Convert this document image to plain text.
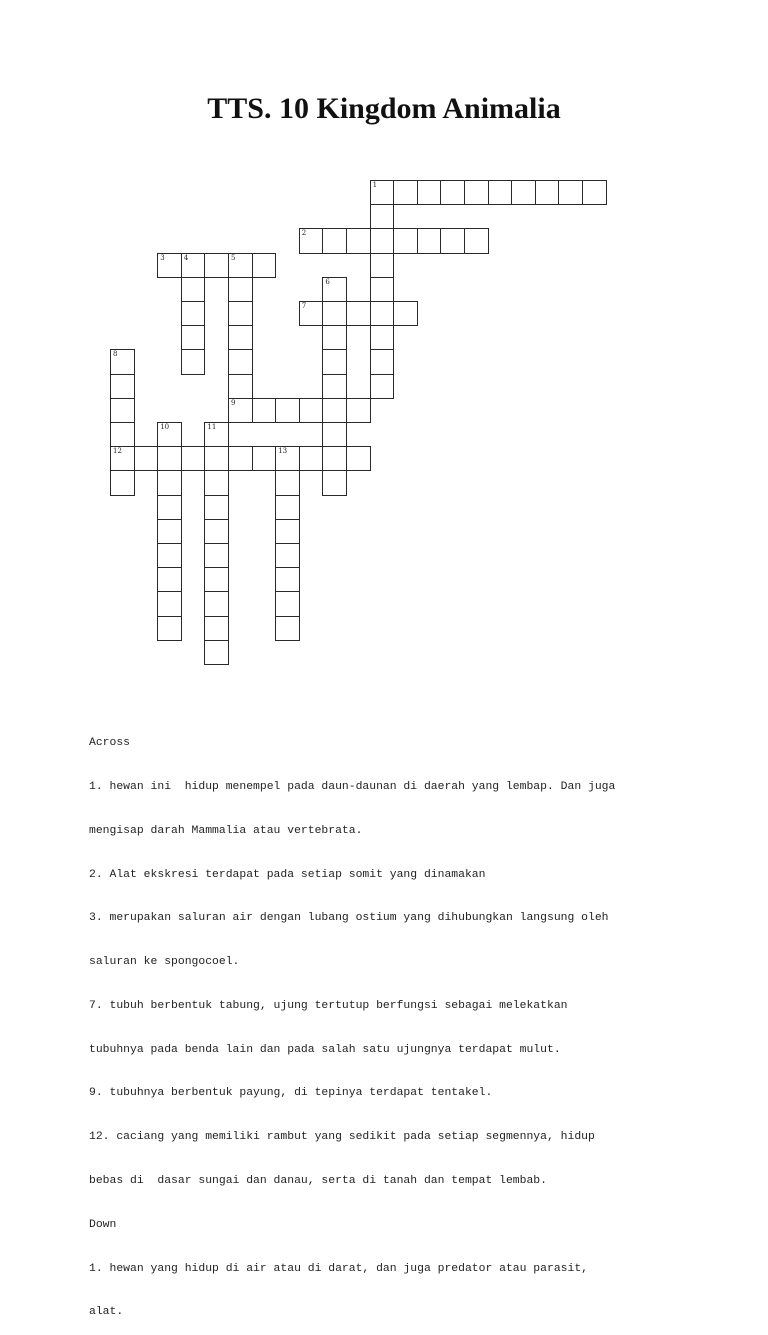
TTS. 10 Kingdom Animalia
1
2
3	4	5
9
6
7
8
12
10	11
13

Across

1. hewan ini  hidup menempel pada daun-daunan di daerah yang lembap. Dan juga

mengisap darah Mammalia atau vertebrata.

2. Alat ekskresi terdapat pada setiap somit yang dinamakan

3. merupakan saluran air dengan lubang ostium yang dihubungkan langsung oleh

saluran ke spongocoel.

7. tubuh berbentuk tabung, ujung tertutup berfungsi sebagai melekatkan

tubuhnya pada benda lain dan pada salah satu ujungnya terdapat mulut.

9. tubuhnya berbentuk payung, di tepinya terdapat tentakel.

12. caciang yang memiliki rambut yang sedikit pada setiap segmennya, hidup

bebas di  dasar sungai dan danau, serta di tanah dan tempat lembab.

Down

1. hewan yang hidup di air atau di darat, dan juga predator atau parasit,

alat.
